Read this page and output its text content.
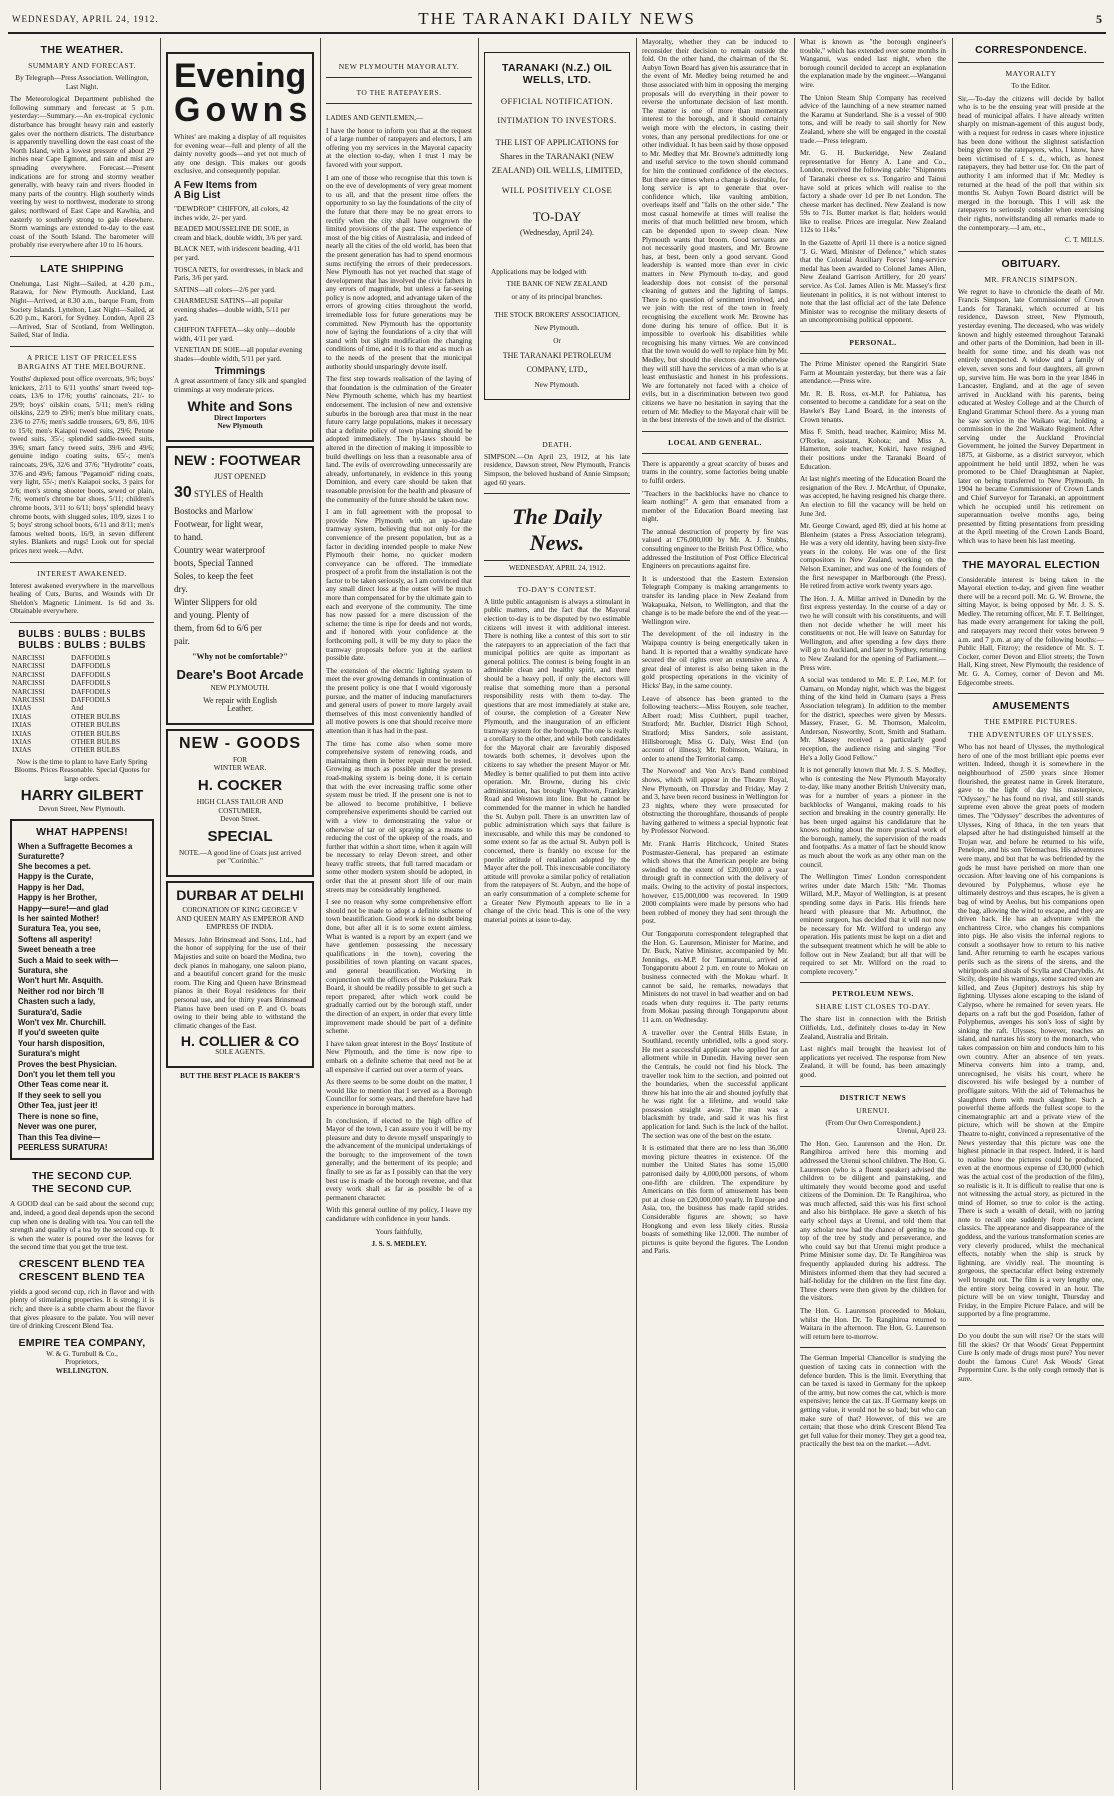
WEDNESDAY, APRIL 24, 1912.	THE TARANAKI DAILY NEWS	5
THE WEATHER.
SUMMARY AND FORECAST.

By Telegraph—Press Association. Wellington, Last Night.

The Meteorological Department published the following summary and forecast at 5 p.m. yesterday:—Summary.—An ex-tropical cyclonic disturbance has brought heavy rain and easterly gales over the northern districts. The disturbance is apparently travelling down the east coast of the North Island, with a lowest pressure of about 29 inches near Cape Egmont, and rain and mist are spreading everywhere. Forecast.—Present indications are for strong and stormy weather generally, with heavy rain and rivers flooded in many parts of the country. High southerly winds veering by west to northwest, moderate to strong gales; northward of East Cape and Kawhia, and easterly to southerly strong to gale elsewhere. Storm warnings are extended to-day to the east coast of the South Island. The barometer will probably rise everywhere after 10 to 16 hours.

LATE SHIPPING

Onehunga, Last Night—Sailed, at 4.20 p.m., Rarawa, for New Plymouth. Auckland, Last Night—Arrived, at 8.30 a.m., barque Fram, from Society Islands. Lyttelton, Last Night—Sailed, at 6.20 p.m., Karori, for Sydney. London, April 23—Arrived, Star of Scotland, from Wellington. Sailed, Star of India.

A PRICE LIST OF PRICELESS BARGAINS AT THE MELBOURNE.

Youths' duplexed pout office overcoats, 9/6; boys' knickers, 2/11 to 6/11 youths' smart tweed top-coats, 13/6 to 17/6; youths' raincoats, 21/- to 29/9; boys' oilskin coats, 5/11; men's riding oilskins, 22/9 to 29/6; men's blue military coats, 23/6 to 27/6; men's saddle trousers, 6/9, 8/6, 10/6 to 15/6; men's Kaiapoi tweed suits, 29/6; Petone tweed suits, 35/-; splendid saddle-tweed suits, 39/6; smart fancy tweed suits, 39/6 and 49/6; genuine indigo coating suits, 65/-; men's raincoats, 29/6, 32/6 and 37/6; "Hydrotite" coats, 37/6 and 49/6; famous "Pegamoid" riding coats, very light, 55/-; men's Kaiapoi socks, 3 pairs for 2/6; men's strong shooter boots, sewed or plain, 7/6; women's chrome bar shoes, 5/11; children's chrome boots, 3/11 to 6/11; boys' splendid heavy chrome boots, with slugged soles, 10/9, sizes 1 to 5; boys' strong school boots, 6/11 and 8/11; men's famous welted boots, 16/9, in seven different styles. Blankets and rugs! Look out for special prices next week.—Advt.

INTEREST AWAKENED.

Interest awakened everywhere in the marvellous healing of Cuts, Burns, and Wounds with Dr Sheldon's Magnetic Liniment. 1s 6d and 3s. Obtainable everywhere.

BULBS : BULBS : BULBS
BULBS : BULBS : BULBS
NARCISSI	DAFFODILS
NARCISSI	DAFFODILS
NARCISSI	DAFFODILS
NARCISSI	DAFFODILS
NARCISSI	DAFFODILS
NARCISSI	DAFFODILS
IXIAS	And
IXIAS	OTHER BULBS
IXIAS	OTHER BULBS
IXIAS	OTHER BULBS
IXIAS	OTHER BULBS
IXIAS	OTHER BULBS

Now is the time to plant to have Early Spring Blooms. Prices Reasonable. Special Quotes for large orders.

HARRY GILBERT

Devon Street, New Plymouth.

WHAT HAPPENS!

When a Suffragette Becomes a Suraturette?

She becomes a pet.

Happy is the Curate,

Happy is her Dad,

Happy is her Brother,

Happy—sure!—and glad

Is her sainted Mother!

Suratura Tea, you see,

Softens all asperity!

Sweet beneath a tree

Such a Maid to seek with—

Suratura, she

Won't hurt Mr. Asquith.

Neither rod nor birch 'll

Chasten such a lady,

Suratura'd, Sadie

Won't vex Mr. Churchill.

If you'd sweeten quite

Your harsh disposition,

Suratura's might

Proves the best Physician.

Don't you let them tell you

Other Teas come near it.

If they seek to sell you

Other Tea, just jeer it!

There is none so fine,

Never was one purer,

Than this Tea divine—

PEERLESS SURATURA!

THE SECOND CUP.
THE SECOND CUP.

A GOOD deal can be said about the second cup; and, indeed, a good deal depends upon the second cup when one is dealing with tea. You can tell the strength and quality of a tea by the second cup. It is when the water is poured over the leaves for the second time that you get the true test.

CRESCENT BLEND TEA
CRESCENT BLEND TEA

yields a good second cup, rich in flavor and with plenty of stimulating properties. It is strong; it is rich; and there is a subtle charm about the flavor that gives pleasure to the palate. You will never tire of drinking Crescent Blend Tea.

EMPIRE TEA COMPANY,

W. & G. Turnbull & Co.,

Proprietors,

WELLINGTON.

Evening
Gowns

Whites' are making a display of all requisites for evening wear—full and plenty of all the dainty novelty goods—and yet not much of any one design. This makes our goods exclusive, and consequently popular.

A Few Items from
A Big List

"DEWDROP" CHIFFON, all colors, 42 inches wide, 2/- per yard.

BEADED MOUSSELINE DE SOIE, in cream and black, double width, 3/6 per yard.

BLACK NET, with iridescent beading, 4/11 per yard.

TOSCA NETS, for overdresses, in black and Paris, 3/6 per yard.

SATINS—all colors—2/6 per yard.

CHARMEUSE SATINS—all popular evening shades—double width, 5/11 per yard.

CHIFFON TAFFETA—sky only—double width, 4/11 per yard.

VENETIAN DE SOIE—all popular evening shades—double width, 5/11 per yard.

Trimmings

A great assortment of fancy silk and spangled trimmings at very moderate prices.

White and Sons

Direct Importers

New Plymouth

NEW : FOOTWEAR

JUST OPENED

30 STYLES of Health

Bostocks and Marlow

Footwear, for light wear,

to hand.

Country wear waterproof

boots, Special Tanned

Soles, to keep the feet

dry.

Winter Slippers for old

and young. Plenty of

them, from 6d to 6/6 per

pair.

"Why not be comfortable?"

Deare's Boot Arcade

NEW PLYMOUTH.

We repair with English

Leather.

NEW - GOODS

FOR

WINTER WEAR.

H. COCKER

HIGH CLASS TAILOR AND

COSTUMIER,

Devon Street.

SPECIAL

NOTE.—A good line of Coats just arrived per "Corinthic."

DURBAR AT DELHI

CORONATION OF KING GEORGE V AND QUEEN MARY AS EMPEROR AND EMPRESS OF INDIA.

Messrs. John Brinsmead and Sons, Ltd., had the honor of supplying for the use of their Majesties and suite on board the Medina, two deck pianos in mahogany, one saloon piano, and a beautiful concert grand for the music room. The King and Queen have Brinsmead pianos in their Royal residences for their personal use, and for thirty years Brinsmead Pianos have been used on P. and O. boats owing to their being able to withstand the climatic changes of the East.

H. COLLIER & CO

SOLE AGENTS.

BUT THE BEST PLACE IS BAKER'S

NEW PLYMOUTH MAYORALTY.
TO THE RATEPAYERS.

LADIES AND GENTLEMEN,—

I have the honor to inform you that at the request of a large number of ratepayers and electors, I am offering you my services in the Mayoral capacity at the election to-day, when I trust I may be favored with your support.

I am one of those who recognise that this town is on the eve of developments of very great moment to us all, and that the present time offers the opportunity to so lay the foundations of the city of the future that there may be no great errors to rectify when the city shall have outgrown the limited provisions of the past. The experience of most of the big cities of Australasia, and indeed of nearly all the cities of the old world, has been that the present generation has had to spend enormous sums rectifying the errors of their predecessors. New Plymouth has not yet reached that stage of development that has involved the civic fathers in any errors of magnitude, but unless a far-seeing policy is now adopted, and advantage taken of the errors of growing cities throughout the world, irremediable loss for future generations may be committed. New Plymouth has the opportunity now of laying the foundations of a city that will stand with but slight modification the changing conditions of time, and it is to that end as much as to the needs of the present that the municipal authority should unsparingly devote itself.

The first step towards realisation of the laying of that foundation is the culmination of the Greater New Plymouth scheme, which has my heartiest endorsement. The inclusion of new and extensive suburbs in the borough area that must in the near future carry large populations, makes it necessary that a definite policy of town planning should be adopted immediately. The by-laws should be altered in the direction of making it impossible to build dwellings on less than a reasonable area of land. The evils of overcrowding unnecessarily are already, unfortunately, in evidence in this young Dominion, and every care should be taken that reasonable provision for the health and pleasure of the community of the future should be taken now.

I am in full agreement with the proposal to provide New Plymouth with an up-to-date tramway system, believing that not only for the convenience of the present population, but as a factor in deciding intended people to make New Plymouth their home, no quicker modern conveyance can be offered. The immediate prospect of a profit from the installation is not the factor to be taken seriously, as I am convinced that any small direct loss at the outset will be much more than compensated for by the ultimate gain to each and everyone of the community. The time has now passed for a mere discussion of the scheme; the time is ripe for deeds and not words, and if honored with your confidence at the forthcoming poll, it will be my duty to place the tramway proposals before you at the earliest possible date.

The extension of the electric lighting system to meet the ever growing demands in continuation of the present policy is one that I would vigorously pursue, and the matter of inducing manufacturers and general users of power to more largely avail themselves of this most conveniently handled of all motive powers is one that should receive more attention than it has had in the past.

The time has come also when some more comprehensive system of renewing roads, and maintaining them in better repair must be tested. Growing as much as possible under the present road-making system is being done, it is certain that with the ever increasing traffic some other system must be tried. If the present one is not to be allowed to become prohibitive, I believe comprehensive experiments should be carried out with a view to demonstrating the value or otherwise of tar or oil spraying as a means to reducing the cost of the upkeep of the roads, and further that within a short time, when it again will be necessary to relay Devon street, and other heavy traffic streets, that full tarred macadam or some other modern system should be adopted, in order that the at present short life of our main streets may be considerably lengthened.

I see no reason why some comprehensive effort should not be made to adopt a definite scheme of town beautification. Good work is no doubt being done, but after all it is to some extent aimless. What is wanted is a report by an expert (and we have gentlemen possessing the necessary qualifications in the town), covering the possibilities of town planting on vacant spaces, and general beautification. Working in conjunction with the officers of the Pukekura Park Board, it should be readily possible to get such a report prepared, after which work could be gradually carried out by the borough staff, under the direction of an expert, in order that every little improvement made should be part of a definite scheme.

I have taken great interest in the Boys' Institute of New Plymouth, and the time is now ripe to embark on a definite scheme that need not be at all expensive if carried out over a term of years.

As there seems to be some doubt on the matter, I would like to mention that I served as a Borough Councillor for some years, and therefore have had experience in borough matters.

In conclusion, if elected to the high office of Mayor of the town, I can assure you it will be my pleasure and duty to devote myself unsparingly to the advancement of the municipal undertakings of the borough; to the improvement of the town generally; and the betterment of its people; and finally to see as far as I possibly can that the very best use is made of the borough revenue, and that every work shall as far as possible be of a permanent character.

With this general outline of my policy, I leave my candidature with confidence in your hands.

Yours faithfully,

J. S. S. MEDLEY.

TARANAKI (N.Z.) OIL WELLS, LTD.
OFFICIAL NOTIFICATION.
INTIMATION TO INVESTORS.

THE LIST OF APPLICATIONS for Shares in the TARANAKI (NEW ZEALAND) OIL WELLS, LIMITED,

WILL POSITIVELY CLOSE
TO-DAY

(Wednesday, April 24).

Applications may be lodged with

THE BANK OF NEW ZEALAND

or any of its principal branches.

THE STOCK BROKERS' ASSOCIATION,

New Plymouth.

Or

THE TARANAKI PETROLEUM COMPANY, LTD.,

New Plymouth.

DEATH.

SIMPSON.—On April 23, 1912, at his late residence, Dawson street, New Plymouth, Francis Simpson, the beloved husband of Annie Simpson; aged 60 years.

The Daily News.

WEDNESDAY, APRIL 24, 1912.

TO-DAY'S CONTEST.

A little public antagonism is always a stimulant in public matters, and the fact that the Mayoral election to-day is to be disputed by two estimable citizens will invest it with additional interest. There is nothing like a contest of this sort to stir the ratepayers to an appreciation of the fact that municipal politics are quite as important as general politics. The contest is being fought in an admirable clean and healthy spirit, and there should be a heavy poll, if only the electors will realise that something more than a personal responsibility rests with them to-day. The questions that are most immediately at stake are, of course, the completion of a Greater New Plymouth, and the inauguration of an efficient tramway system for the borough. The one is really a corollary to the other, and while both candidates for the Mayoral chair are favorably disposed towards both schemes, it devolves upon the citizens to say whether the present Mayor or Mr. Medley is better qualified to put them into active operation. Mr. Browne, during his civic administration, has brought Vogeltown, Frankley Road and Westown into line. But he cannot be commended for the manner in which he handled the St. Aubyn poll. There is an unwritten law of public administration which says that failure is inexcusable, and while this may be condoned to some extent so far as the actual St. Aubyn poll is concerned, there is frankly no excuse for the puerile attitude of retaliation adopted by the Mayor after the poll. This inexcusable conciliatory attitude will provoke a similar policy of retaliation from the ratepayers of St. Aubyn, and the hope of an early consummation of a complete scheme for a Greater New Plymouth appears to lie in a change of the civic head. This is one of the very material points at issue to-day.

Mayoralty, whether they can be induced to reconsider their decision to remain outside the fold. On the other hand, the chairman of the St. Aubyn Town Board has given his assurance that in the event of Mr. Medley being returned he and those associated with him in opposing the merging proposals will do everything in their power to reverse the unfortunate decision of last month. The matter is one of more than momentary interest to the borough, and it should certainly weigh more with the electors, in casting their votes, than any personal predilections for one or other individual. It has been said by those opposed to Mr. Medley that Mr. Browne's admittedly long and useful service to the town should command for him the continued confidence of the electors. But there are times when a change is desirable, for long service is apt to generate that over-confidence which, like vaulting ambition, overleaps itself and "falls on the other side." The most casual homewife at times will realise the merits of that much belittled new broom, which can be depended upon to sweep clean. New Plymouth wants that broom. Good servants are not necessarily good masters, and Mr. Browne has, at best, been only a good servant. Good leadership is wanted more than ever in civic matters in New Plymouth to-day, and good leadership does not consist of the personal cleaning of gutters and the lighting of lamps. There is no question of sentiment involved, and we join with the rest of the town in freely recognising the excellent work Mr. Browne has done during his tenure of office. But it is impossible to overlook his disabilities while recognising his many virtues. We are convinced that the town would do well to replace him by Mr. Medley, but should the electors decide otherwise they will still have the services of a man who is at least enthusiastic and honest in his professions. We are fortunately not faced with a choice of evils, but in a discrimination between two good citizens we have no hesitation in saying that the return of Mr. Medley to the Mayoral chair will be in the best interests of the town and of the district.

LOCAL AND GENERAL.

There is apparently a great scarcity of buses and trams in the country, some factories being unable to fulfil orders.

"Teachers in the backblocks have no chance to learn nothing!" A gem that emanated from a member of the Education Board meeting last night.

The annual destruction of property by fire was valued at £76,000,000 by Mr. A. J. Stubbs, consulting engineer to the British Post Office, who addressed the Institution of Post Office Electrical Engineers on precautions against fire.

It is understood that the Eastern Extension Telegraph Company is making arrangements to transfer its landing place in New Zealand from Wakapuaka, Nelson, to Wellington, and that the change is to be made before the end of the year.—Wellington wire.

The development of the oil industry in the Waipapa country is being energetically taken in hand. It is reported that a wealthy syndicate have secured the oil rights over an extensive area. A great deal of interest is also being taken in the gold prospecting operations in the vicinity of Hicks' Bay, in the same county.

Leave of absence has been granted to the following teachers:—Miss Rouyen, sole teacher, Albert road; Miss Cuthbert, pupil teacher, Stratford; Mr. Buchler, District High School, Stratford; Miss Sanders, sole assistant, Hillsborough; Miss G. Daly, West End (on account of illness); Mr. Robinson, Waitara, in order to attend the Territorial camp.

The Norwood' and Von Arx's Band combined shows, which will appear in the Theatre Royal, New Plymouth, on Thursday and Friday, May 2 and 3, have been record business in Wellington for 23 nights, where they were prosecuted for obstructing the thoroughfare, thousands of people having gathered to witness a special hypnotic feat by Professor Norwood.

Mr. Frank Harris Hitchcock, United States Postmaster-General, has prepared an estimate which shows that the American people are being swindled to the extent of £20,000,000 a year through graft in connection with the delivery of mails. Owing to the activity of postal inspectors, however, £15,000,000 was recovered. In 1909 2000 complaints were made by persons who had been robbed of money they had sent through the post.

Our Tongaporutu correspondent telegraphed that the Hon. G. Laurenson, Minister for Marine, and Dr. Buck, Native Minister, accompanied by Mr. Jennings, ex-M.P. for Taumarunui, arrived at Tongaporutu about 2 p.m. en route to Mokau on business connected with the Mokau wharf. It cannot be said, he remarks, nowadays that Ministers do not travel in bad weather and on bad roads when duty requires it. The party returns from Mokau passing through Tongaporutu about 11 a.m. on Wednesday.

A traveller over the Central Hills Estate, in Southland, recently unbridled, tells a good story. He met a successful applicant who applied for an allotment while in Dunedin. Having never seen the Centrals, he could not find his block. The traveller took him to the section, and pointed out the boundaries, when the successful applicant threw his hat into the air and shouted joyfully that he was right for a lifetime, and would take possession straight away. The man was a blacksmith by trade, and said it was his first application for land. Such is the luck of the ballot. The section was one of the best on the estate.

It is estimated that there are no less than 36,000 moving picture theatres in existence. Of the number the United States has some 15,000 patronised daily by 4,000,000 persons, of whom one-fifth are children. The expenditure by Americans on this form of amusement has been put at close on £20,000,000 yearly. In Europe and Asia, too, the business has made rapid strides. Considerable figures are shown; so have Hongkong and even less likely cities. Russia boasts of something like 12,000. The number of pictures is quite beyond the figures. The London and Paris.

What is known as "the borough engineer's trouble," which has extended over some months in Wanganui, was ended last night, when the borough council decided to accept an explanation the explanation made by the engineer.—Wanganui wire.

The Union Steam Ship Company has received advice of the launching of a new steamer named the Karamu at Sunderland. She is a vessel of 900 tons, and will be ready to sail shortly for New Zealand, where she will be engaged in the coastal trade.—Press telegram.

Mr. G. H. Buckeridge, New Zealand representative for Henry A. Lane and Co., London, received the following cable: "Shipments of Taranaki cheese ex s.s. Tongariro and Tainui have sold at prices which will realise to the factory a shade over 1d per lb net London. The cheese market has declined. New Zealand is now 59s to 71s. Butter market is flat; holders would like to realise. Prices are irregular. New Zealand 112s to 114s."

In the Gazette of April 11 there is a notice signed "J. G. Ward, Minister of Defence," which states that the Colonial Auxiliary Forces' long-service medal has been awarded to Colonel James Allen, New Zealand Garrison Artillery, for 20 years' service. As Col. James Allen is Mr. Massey's first lieutenant in politics, it is not without interest to note that the last official act of the late Defence Minister was to recognise the military deserts of an uncompromising political opponent.

PERSONAL.

The Prime Minister opened the Rangiriri State Farm at Mountain yesterday, but there was a fair attendance.—Press wire.

Mr. R. B. Ross, ex-M.P. for Pahiatua, has consented to become a candidate for a seat on the Hawke's Bay Land Board, in the interests of Crown tenants.

Miss F. Smith, head teacher, Kaimiro; Miss M. O'Rorke, assistant, Kohota; and Miss A. Hamerton, sole teacher, Kokiri, have resigned their positions under the Taranaki Board of Education.

At last night's meeting of the Education Board the resignation of the Rev. J. McArthur, of Opunake, was accepted, he having resigned his charge there. An election to fill the vacancy will be held on June 3rd.

Mr. George Coward, aged 89, died at his home at Blenheim (states a Press Association telegram). He was a very old identity, having been sixty-five years in the colony. He was one of the first compositors in New Zealand, working on the Nelson Examiner, and was one of the founders of the first newspaper in Marlborough (the Press). He retired from active work twenty years ago.

The Hon. J. A. Millar arrived in Dunedin by the first express yesterday. In the course of a day or two he will consult with his constituents, and will then not decide whether he will meet his constituents or not. He will leave on Saturday for Wellington, and after spending a few days there will go to Auckland, and later to Sydney, returning to New Zealand for the opening of Parliament.—Press wire.

A social was tendered to Mr. E. P. Lee, M.P. for Oamaru, on Monday night, which was the biggest thing of the kind held in Oamaru (says a Press Association telegram). In addition to the member for the district, speeches were given by Messrs. Massey, Fraser, G. M. Thomson, Malcolm, Anderson, Nosworthy, Scott, Smith and Statham. Mr. Massey received a particularly good reception, the audience rising and singing "For He's a Jolly Good Fellow."

It is not generally known that Mr. J. S. S. Medley, who is contesting the New Plymouth Mayoralty to-day, like many another British University man, was for a number of years a pioneer in the backblocks of Wanganui, making roads to his section and breaking in the country generally. He has been urged against his candidature that he knows nothing about the more practical work of the borough, namely, the supervision of the roads and footpaths. As a matter of fact he should know as much about the work as any other man on the council.

The Wellington Times' London correspondent writes under date March 15th: "Mr. Thomas Willard, M.P., Mayor of Wellington, is at present spending some days in Paris. His friends here heard with pleasure that Mr. Arbuthnot, the eminent surgeon, has decided that it will not now be necessary for Mr. Wilford to undergo any operation. His patients must be kept on a diet and the subsequent treatment which he will be able to follow out in New Zealand; but all that will be required to set Mr. Wilford on the road to complete recovery."

PETROLEUM NEWS.
SHARE LIST CLOSES TO-DAY.

The share list in connection with the British Oilfields, Ltd., definitely closes to-day in New Zealand, Australia and Britain.

Last night's mail brought the heaviest lot of applications yet received. The response from New Zealand, it will be found, has been amazingly good.

DISTRICT NEWS
URENUI.

(From Our Own Correspondent.)

Urenui, April 23.

The Hon. Geo. Laurenson and the Hon. Dr. Rangihiroa arrived here this morning and addressed the Urenui school children. The Hon. G. Laurenson (who is a fluent speaker) advised the children to be diligent and painstaking, and ultimately they would become good and useful citizens of the Dominion. Dr. Te Rangihiroa, who was much affected, said this was his first school and also his birthplace. He gave a sketch of his early school days at Urenui, and told them that any scholar now had the chance of getting to the top of the tree by study and perseverance, and who could say but that Urenui might produce a Prime Minister some day. Dr. Te Rangihiroa was frequently applauded during his address. The Ministers informed them that they had secured a half-holiday for the children on the first fine day. Three cheers were then given by the children for the visitors.

The Hon. G. Laurenson proceeded to Mokau, whilst the Hon. Dr. Te Rangihiroa returned to Waitara in the afternoon. The Hon. G. Laurenson will return here to-morrow.

The German Imperial Chancellor is studying the question of taxing cats in connection with the defence burden. This is the limit. Everything that can be taxed is taxed in Germany for the upkeep of the army, but now comes the cat, which is more expensive; hence the cat tax. If Germany keeps on getting value, it would not be so bad; but who can make sure of that? However, of this we are certain; that those who drink Crescent Blend Tea get full value for their money. They get a good tea, practically the best tea on the market.—Advt.

CORRESPONDENCE.
MAYORALTY

To the Editor.

Sir,—To-day the citizens will decide by ballot who is to be the ensuing year will preside at the head of municipal affairs. I have already written sharply on misman-agement of this august body, with a request for redress in cases where injustice has been done without the slightest satisfaction being given to the ratepayers, who, I know, have been victimised of £ s. d., which, as honest ratepayers, they had better use for. On the part of authority I am informed that if Mr. Medley is returned at the head of the poll that within six months St. Aubyn Town Board district will be merged in the borough. This I will ask the ratepayers to seriously consider when exercising their rights, notwithstanding all remarks made to the contemporary.—I am, etc.,

C. T. MILLS.

OBITUARY.
MR. FRANCIS SIMPSON.

We regret to have to chronicle the death of Mr. Francis Simpson, late Commissioner of Crown Lands for Taranaki, which occurred at his residence, Dawson street, New Plymouth, yesterday evening. The deceased, who was widely known and highly esteemed throughout Taranaki and other parts of the Dominion, had been in ill-health for some time, and his death was not entirely unexpected. A widow and a family of eleven, seven sons and four daughters, all grown up, survive him. He was born in the year 1846 in Lancaster, England, and at the age of seven arrived in Auckland with his parents, being educated at Wesley College and at the Church of England Grammar School there. As a young man he saw service in the Waikato war, holding a commission in the 2nd Waikato Regiment. After serving under the Auckland Provincial Government, he joined the Survey Department in 1875, at Gisborne, as a district surveyor, which appointment he held until 1892, when he was promoted to be Chief Draughtsman at Napier, later on being transferred to New Plymouth. In 1904 he became Commissioner of Crown Lands and Chief Surveyor for Taranaki, an appointment which he occupied until his retirement on superannuation twelve months ago, being presented by fitting presentations from presiding at the April meeting of the Crown Lands Board, which was to have been his last meeting.

THE MAYORAL ELECTION

Considerable interest is being taken in the Mayoral election to-day, and given fine weather there will be a record poll. Mr. G. W. Browne, the sitting Mayor, is being opposed by Mr. J. S. S. Medley. The returning officer, Mr. F. T. Bellringer, has made every arrangement for taking the poll, and ratepayers may record their votes between 9 a.m. and 7 p.m. at any of the following booths:—Public Hall, Fitzroy; the residence of Mr. S. T. Cocker, corner Devon and Eliot streets; the Town Hall, King street, New Plymouth; the residence of Mr. G. A. Corney, corner of Devon and Mt. Edgecombe streets.

AMUSEMENTS
THE EMPIRE PICTURES.
THE ADVENTURES OF ULYSSES.

Who has not heard of Ulysses, the mythological hero of one of the most brilliant epic poems ever written. Indeed, though it is somewhere in the neighbourhood of 2500 years since Homer flourished, the greatest name in Greek literature, gave to the light of day his masterpiece, "Odyssey," he has found no rival, and still stands supreme even above the great poets of modern times. The "Odyssey" describes the adventures of Ulysses, King of Ithaca, in the ten years that elapsed after he had distinguished himself at the Trojan war, and before he returned to his wife, Penelope, and his son Telemachus. His adventures were many, and but that he was befriended by the gods he must have perished on more than one occasion. After leaving one of his companions is devoured by Polyphemus, whose eye he ultimately destroys and thus escapes, he is given a bag of wind by Aeolus, but his companions open the bag, allowing the wind to escape, and they are driven back. He has an adventure with the enchantress Circe, who changes his companions into pigs. He also visits the infernal regions to consult a soothsayer how to return to his native land. After returning to earth he escapes various perils such as the sirens of the sirens, and the whirlpools and shoals of Scylla and Charybdis. At Sicily, despite his warnings, some sacred oxen are killed, and Zeus (Jupiter) destroys his ship by lightning. Ulysses alone escaping to the island of Calypso, where he remained for seven years. He departs on a raft but the god Poseidon, father of Polyphemus, avenges his son's loss of sight by sinking the raft. Ulysses, however, reaches an island, and narrates his story to the monarch, who takes compassion on him and conducts him to his own country. After an absence of ten years. Minerva converts him into a tramp, and, unrecognised, he visits his court, where he discovered his wife besieged by a number of profligate suitors. With the aid of Telemachus he slaughters them with much slaughter. Such a powerful theme affords the fullest scope to the cinematographic art and a private view of the picture, which will be shown at the Empire Theatre to-night, convinced a representative of the News yesterday that this picture was one the highest pinnacle in that respect. Indeed, it is hard to realise how the pictures could be produced, even at the enormous expense of £30,000 (which was the actual cost of the production of the film), so realistic is it. It is difficult to realise that one is not witnessing the actual story, as pictured in the mind of Homer, so true to color is the acting. There is such a wealth of detail, with no jarring note to recall one suddenly from the ancient classics. The appearance and disappearance of the goddess, and the various transformation scenes are very cleverly produced, whilst the mechanical effects, notably when the ship is struck by lightning, are vividly real. The mounting is gorgeous, the spectacular effect being extremely well brought out. The film is a very lengthy one, the entire story being covered in an hour. The picture will be on view tonight, Thursday and Friday, in the Empire Picture Palace, and will be supported by a fine programme.

Do you doubt the sun will rise? Or the stars will fill the skies? Or that Woods' Great Peppermint Cure Is only made of drugs most pure? You never doubt the famous Cure! Ask Woods' Great Peppermint Cure. Is the only cough remedy that is sure.
